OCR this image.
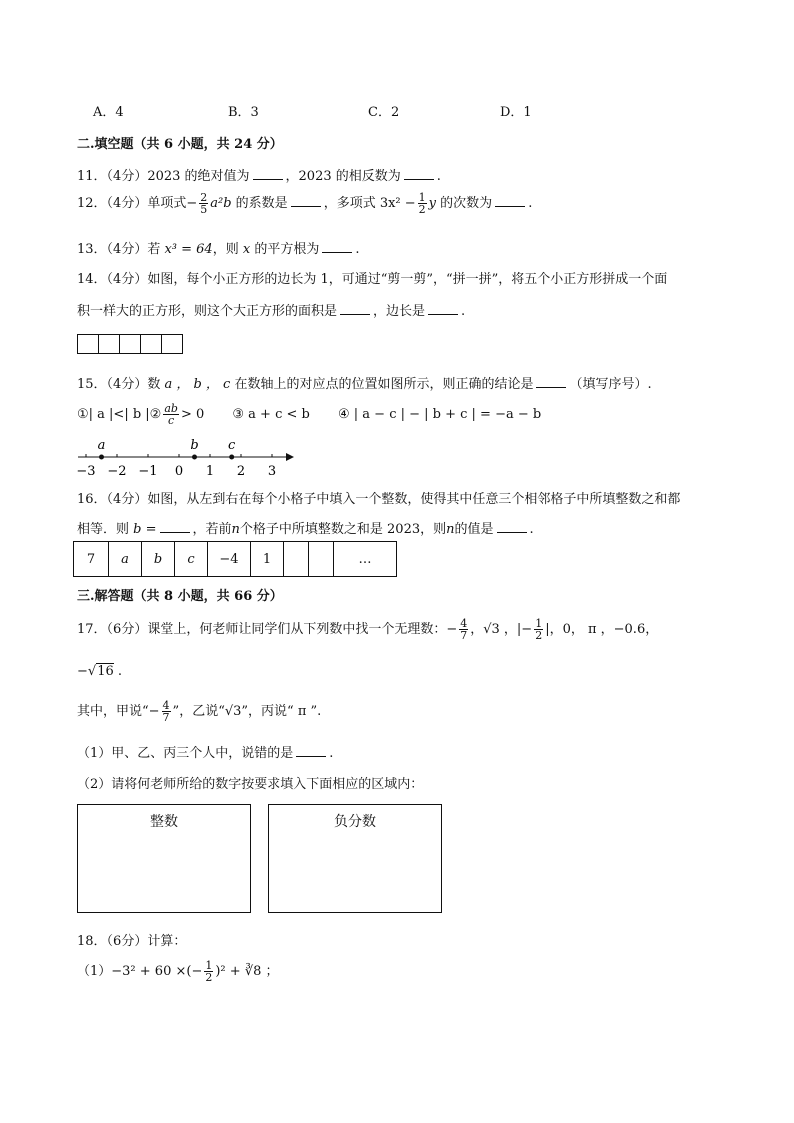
A．4	B．3	C．2	D．1
二.填空题（共 6 小题，共 24 分）
11．（4分）2023 的绝对值为	，2023 的相反数为	.
12．（4分）单项式− $\frac{2}{5} a^2b$ 的系数是	，多项式 $3x^2 - \frac{1}{2}$ y 的次数为	.
13．（4分）若 x³ = 64，则 x 的平方根为	.
14．（4分）如图，每个小正方形的边长为 1，可通过“剪一剪”，“拼一拼”，将五个小正方形拼成一个面
积一样大的正方形，则这个大正方形的面积是	，边长是	.

15．（4分）数 a ， b ， c 在数轴上的对应点的位置如图所示，则正确的结论是	（填写序号）.
①| a |<| b |② $\frac{ab}{c} > 0$ ③ a + c < b ④ | a − c | − | b + c | = −a − b
−3 −2 −1 0 1 2 3
a	b c
16．（4分）如图，从左到右在每个小格子中填入一个整数，使得其中任意三个相邻格子中所填整数之和都
相等．则 b =	，若前n个格子中所填整数之和是 2023，则n的值是	.
7	a	b	c	−4	1			…
三.解答题（共 8 小题，共 66 分）
17．（6分）课堂上，何老师让同学们从下列数中找一个无理数：− $\frac{4}{7}$ ，√3 ，|− $\frac{1}{2}$ |，0， π ，−0.6，
−√16 .
其中，甲说“− $\frac{4}{7}$ ”，乙说“√3”，丙说“ π ”.
（1）甲、乙、丙三个人中，说错的是	.
（2）请将何老师所给的数字按要求填入下面相应的区域内：
整数	负分数
18．（6分）计算：
（1）−3² + 60 ×(− $\frac{1}{2} )^2$ + ∛8 ；
